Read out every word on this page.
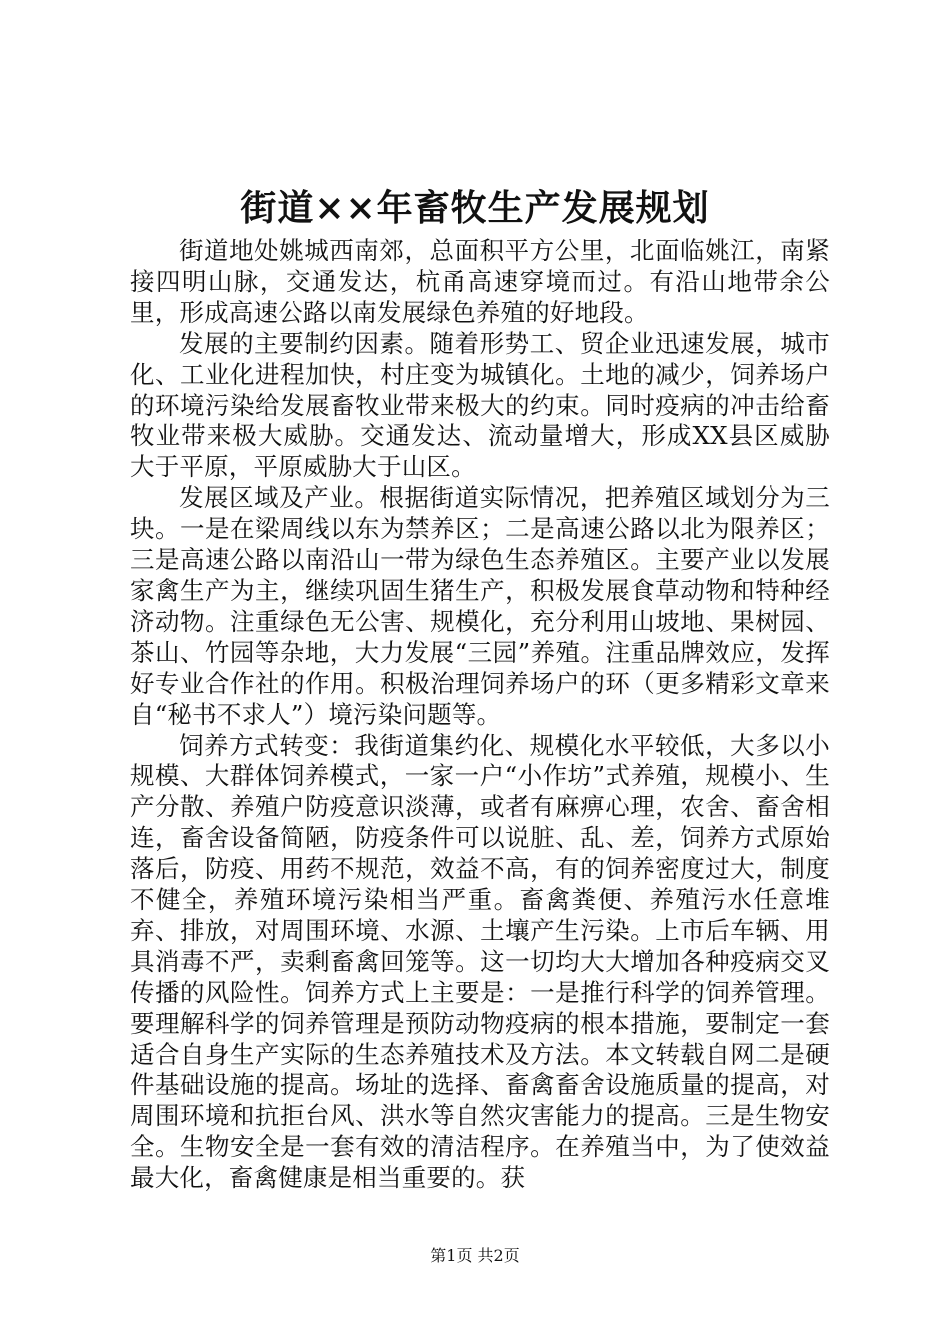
街道××年畜牧生产发展规划

街道地处姚城西南郊，总面积平方公里，北面临姚江，南紧接四明山脉，交通发达，杭甬高速穿境而过。有沿山地带余公里，形成高速公路以南发展绿色养殖的好地段。

发展的主要制约因素。随着形势工、贸企业迅速发展，城市化、工业化进程加快，村庄变为城镇化。土地的减少，饲养场户的环境污染给发展畜牧业带来极大的约束。同时疫病的冲击给畜牧业带来极大威胁。交通发达、流动量增大，形成XX县区威胁大于平原，平原威胁大于山区。

发展区域及产业。根据街道实际情况，把养殖区域划分为三块。一是在梁周线以东为禁养区；二是高速公路以北为限养区；三是高速公路以南沿山一带为绿色生态养殖区。主要产业以发展家禽生产为主，继续巩固生猪生产，积极发展食草动物和特种经济动物。注重绿色无公害、规模化，充分利用山坡地、果树园、茶山、竹园等杂地，大力发展“三园”养殖。注重品牌效应，发挥好专业合作社的作用。积极治理饲养场户的环（更多精彩文章来自“秘书不求人”）境污染问题等。

饲养方式转变：我街道集约化、规模化水平较低，大多以小规模、大群体饲养模式，一家一户“小作坊”式养殖，规模小、生产分散、养殖户防疫意识淡薄，或者有麻痹心理，农舍、畜舍相连，畜舍设备简陋，防疫条件可以说脏、乱、差，饲养方式原始落后，防疫、用药不规范，效益不高，有的饲养密度过大，制度不健全，养殖环境污染相当严重。畜禽粪便、养殖污水任意堆弃、排放，对周围环境、水源、土壤产生污染。上市后车辆、用具消毒不严，卖剩畜禽回笼等。这一切均大大增加各种疫病交叉传播的风险性。饲养方式上主要是：一是推行科学的饲养管理。要理解科学的饲养管理是预防动物疫病的根本措施，要制定一套适合自身生产实际的生态养殖技术及方法。本文转载自网二是硬件基础设施的提高。场址的选择、畜禽畜舍设施质量的提高，对周围环境和抗拒台风、洪水等自然灾害能力的提高。三是生物安全。生物安全是一套有效的清洁程序。在养殖当中，为了使效益最大化，畜禽健康是相当重要的。获

第1页 共2页
